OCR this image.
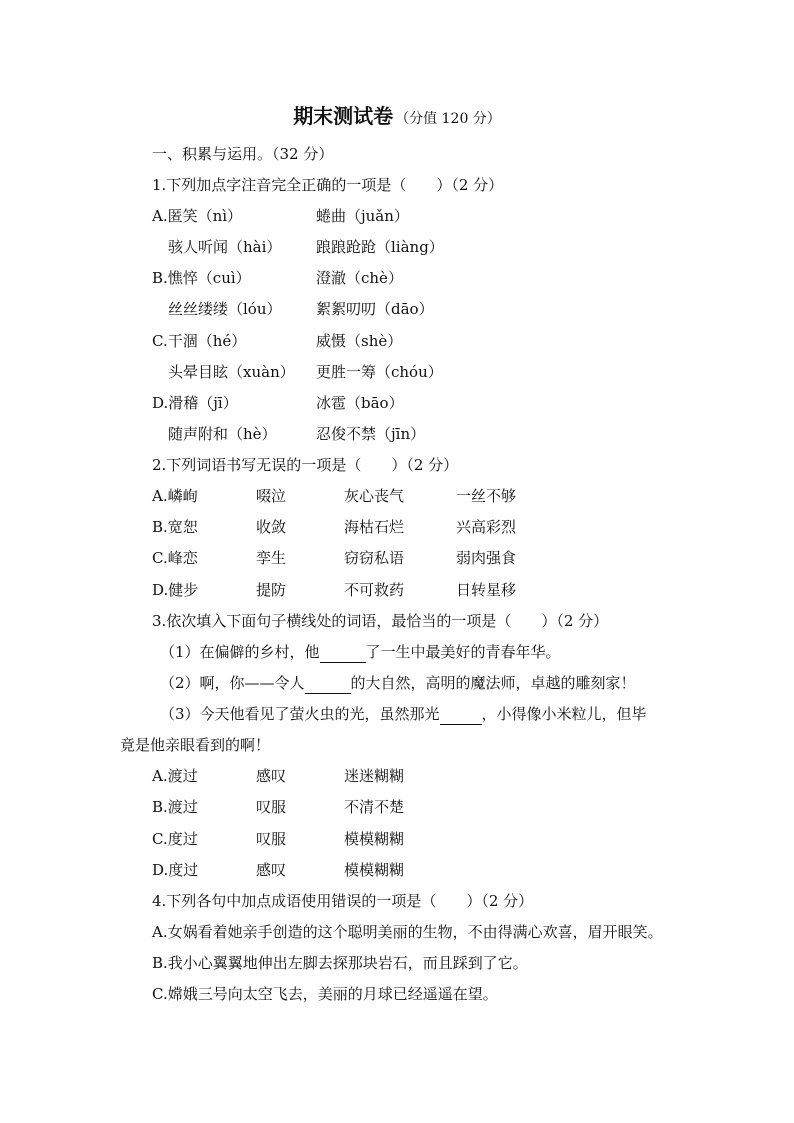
期末测试卷 （分值 120 分）
一、积累与运用。（32 分）
1.下列加点字注音完全正确的一项是（　　）（2 分）
A.匿笑（nì）	蜷曲（juǎn）
骇人听闻（hài） 踉踉跄跄（liàng）
B.憔悴（cuì）	澄澈（chè）
丝丝缕缕（lóu） 絮絮叨叨（dāo）
C.干涸（hé）	威慑（shè）
头晕目眩（xuàn） 更胜一筹（chóu）
D.滑稽（jī）	冰雹（bāo）
随声附和（hè）	忍俊不禁（jīn）
2.下列词语书写无误的一项是（　　）（2 分）
A.嶙峋	啜泣	灰心丧气	一丝不够
B.宽恕	收敛	海枯石烂	兴高彩烈
C.峰恋	孪生	窃窃私语	弱肉强食
D.健步	提防	不可救药	日转星移
3.依次填入下面句子横线处的词语，最恰当的一项是（　　）（2 分）
（1）在偏僻的乡村，他	了一生中最美好的青春年华。
（2）啊，你——令人	的大自然，高明的魔法师，卓越的雕刻家！
（3）今天他看见了萤火虫的光，虽然那光	，小得像小米粒儿，但毕
竟是他亲眼看到的啊！
A.渡过	感叹	迷迷糊糊
B.渡过	叹服	不清不楚
C.度过	叹服	模模糊糊
D.度过	感叹	模模糊糊
4.下列各句中加点成语使用错误的一项是（　　）（2 分）
A.女娲看着她亲手创造的这个聪明美丽的生物，不由得满心欢喜，眉开眼笑。
B.我小心翼翼地伸出左脚去探那块岩石，而且踩到了它。
C.嫦娥三号向太空飞去，美丽的月球已经遥遥在望。
